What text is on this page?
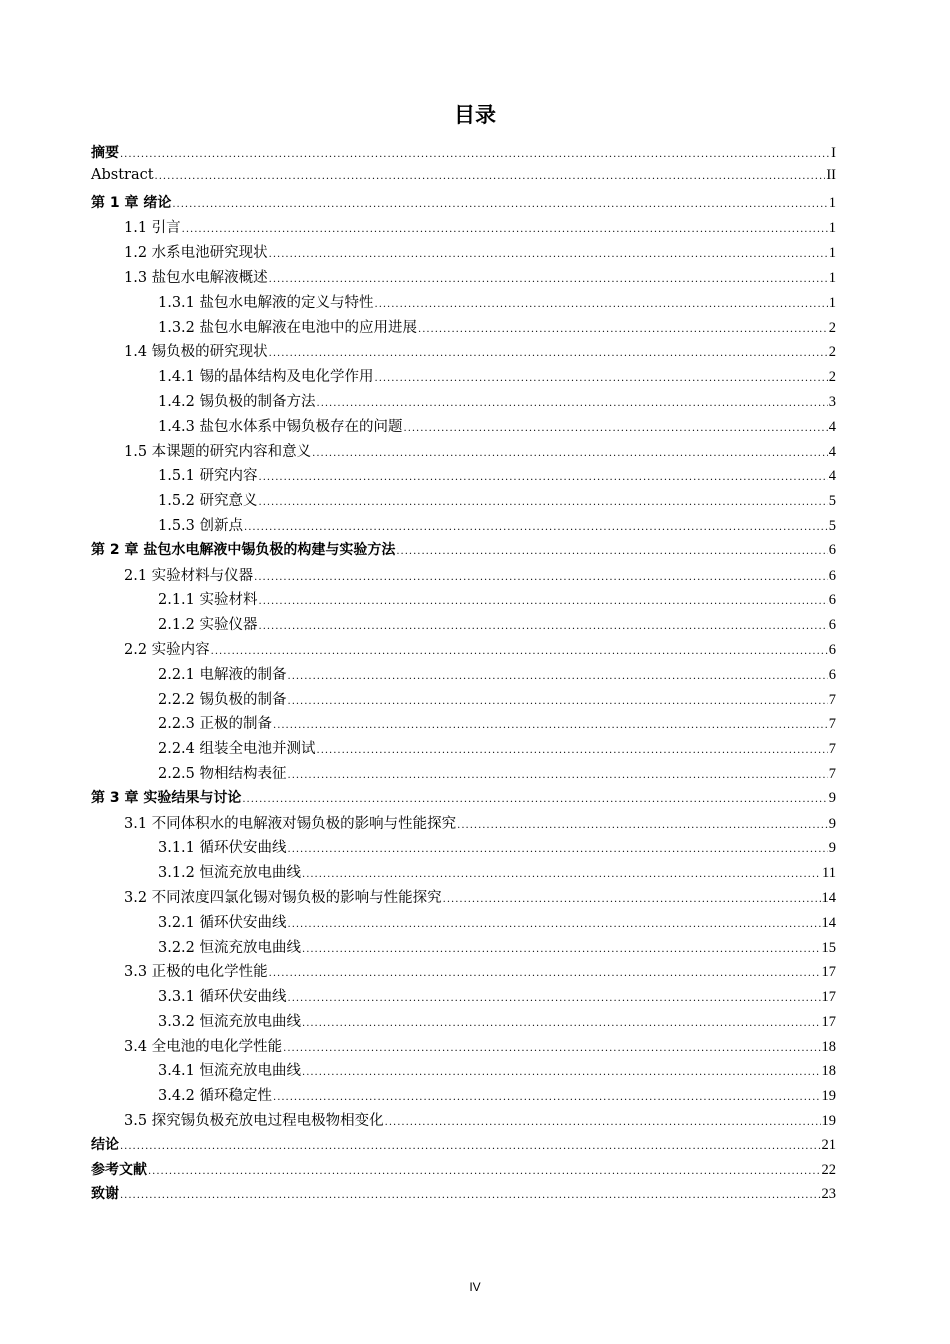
目录
摘要 .....	I
Abstract .....	II
第 1 章 绪论 .....	1
1.1 引言 .....	1
1.2 水系电池研究现状 .....	1
1.3 盐包水电解液概述 .....	1
1.3.1 盐包水电解液的定义与特性 .....	1
1.3.2 盐包水电解液在电池中的应用进展 .....	2
1.4 锡负极的研究现状 .....	2
1.4.1 锡的晶体结构及电化学作用 .....	2
1.4.2 锡负极的制备方法 .....	3
1.4.3 盐包水体系中锡负极存在的问题 .....	4
1.5 本课题的研究内容和意义 .....	4
1.5.1 研究内容 .....	4
1.5.2 研究意义 .....	5
1.5.3 创新点 .....	5
第 2 章 盐包水电解液中锡负极的构建与实验方法 .....	6
2.1 实验材料与仪器 .....	6
2.1.1 实验材料 .....	6
2.1.2 实验仪器 .....	6
2.2 实验内容 .....	6
2.2.1 电解液的制备 .....	6
2.2.2 锡负极的制备 .....	7
2.2.3 正极的制备 .....	7
2.2.4 组装全电池并测试 .....	7
2.2.5 物相结构表征 .....	7
第 3 章 实验结果与讨论 .....	9
3.1 不同体积水的电解液对锡负极的影响与性能探究 .....	9
3.1.1 循环伏安曲线 .....	9
3.1.2 恒流充放电曲线 .....	11
3.2 不同浓度四氯化锡对锡负极的影响与性能探究 .....	14
3.2.1 循环伏安曲线 .....	14
3.2.2 恒流充放电曲线 .....	15
3.3 正极的电化学性能 .....	17
3.3.1 循环伏安曲线 .....	17
3.3.2 恒流充放电曲线 .....	17
3.4 全电池的电化学性能 .....	18
3.4.1 恒流充放电曲线 .....	18
3.4.2 循环稳定性 .....	19
3.5 探究锡负极充放电过程电极物相变化 .....	19
结论 .....	21
参考文献 .....	22
致谢 .....	23
IV
